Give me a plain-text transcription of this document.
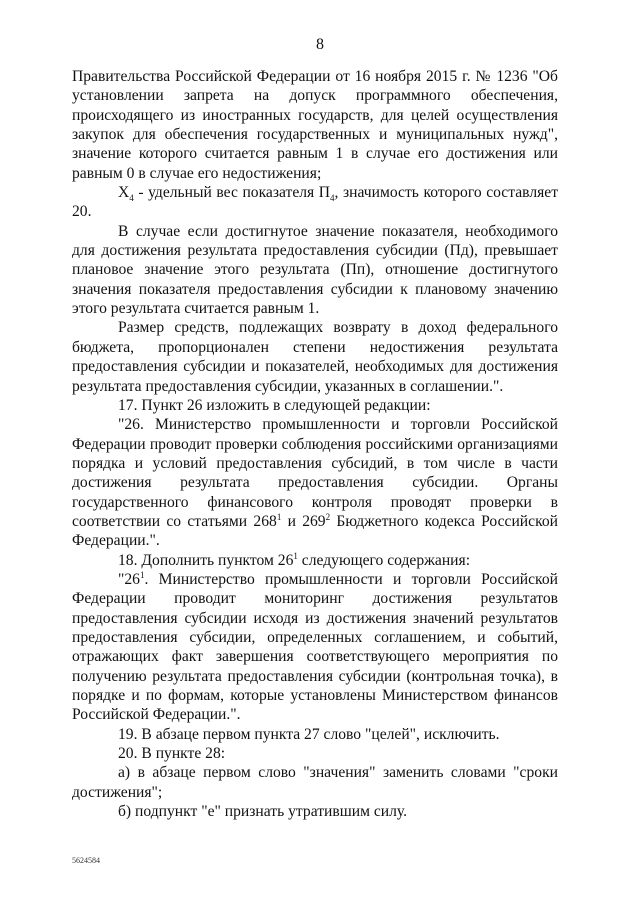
8

Правительства Российской Федерации от 16 ноября 2015 г. № 1236 "Об установлении запрета на допуск программного обеспечения, происходящего из иностранных государств, для целей осуществления закупок для обеспечения государственных и муниципальных нужд", значение которого считается равным 1 в случае его достижения или равным 0 в случае его недостижения;

$Х_4$ - удельный вес показателя $П_4$, значимость которого составляет 20.

В случае если достигнутое значение показателя, необходимого для достижения результата предоставления субсидии (Пд), превышает плановое значение этого результата (Пп), отношение достигнутого значения показателя предоставления субсидии к плановому значению этого результата считается равным 1.

Размер средств, подлежащих возврату в доход федерального бюджета, пропорционален степени недостижения результата предоставления субсидии и показателей, необходимых для достижения результата предоставления субсидии, указанных в соглашении.".

17. Пункт 26 изложить в следующей редакции:

"26. Министерство промышленности и торговли Российской Федерации проводит проверки соблюдения российскими организациями порядка и условий предоставления субсидий, в том числе в части достижения результата предоставления субсидии. Органы государственного финансового контроля проводят проверки в соответствии со статьями $268^1$ и $269^2$ Бюджетного кодекса Российской Федерации.".

18. Дополнить пунктом $26^1$ следующего содержания:

"$26^1$. Министерство промышленности и торговли Российской Федерации проводит мониторинг достижения результатов предоставления субсидии исходя из достижения значений результатов предоставления субсидии, определенных соглашением, и событий, отражающих факт завершения соответствующего мероприятия по получению результата предоставления субсидии (контрольная точка), в порядке и по формам, которые установлены Министерством финансов Российской Федерации.".

19. В абзаце первом пункта 27 слово "целей", исключить.

20. В пункте 28:

а) в абзаце первом слово "значения" заменить словами "сроки достижения";

б) подпункт "е" признать утратившим силу.

5624584
